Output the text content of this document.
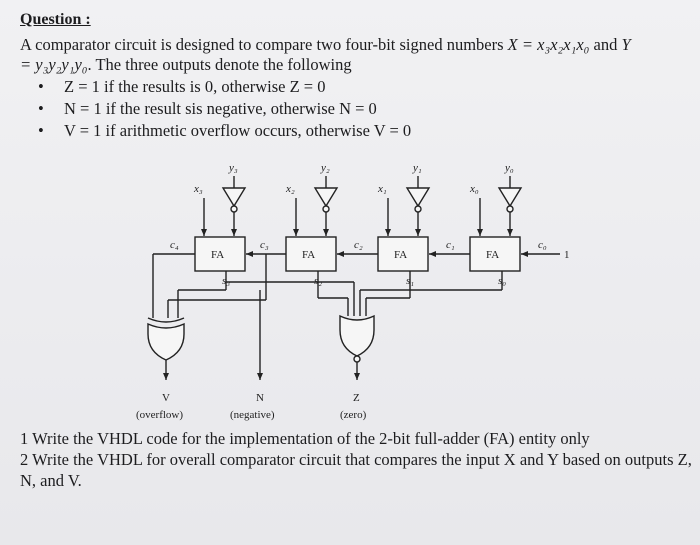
Question :
A comparator circuit is designed to compare two four-bit signed numbers X = x₃x₂x₁x₀ and Y
= y₃y₂y₁y₀. The three outputs denote the following
• Z = 1 if the results is 0, otherwise Z = 0
• N = 1 if the result sis negative, otherwise N = 0
• V = 1 if arithmetic overflow occurs, otherwise V = 0
x₃
y₃
x₂
y₂
x₁
y₁
x₀
y₀
c₄	c₃	c₂	c₁	c₀
s₃	s₂	s₁	s₀
FA	FA	FA	FA	1
V	N	Z
(overflow)	(negative)	(zero)
1 Write the VHDL code for the implementation of the 2-bit full-adder (FA) entity only
2 Write the VHDL for overall comparator circuit that compares the input X and Y based on outputs Z, N, and V.
